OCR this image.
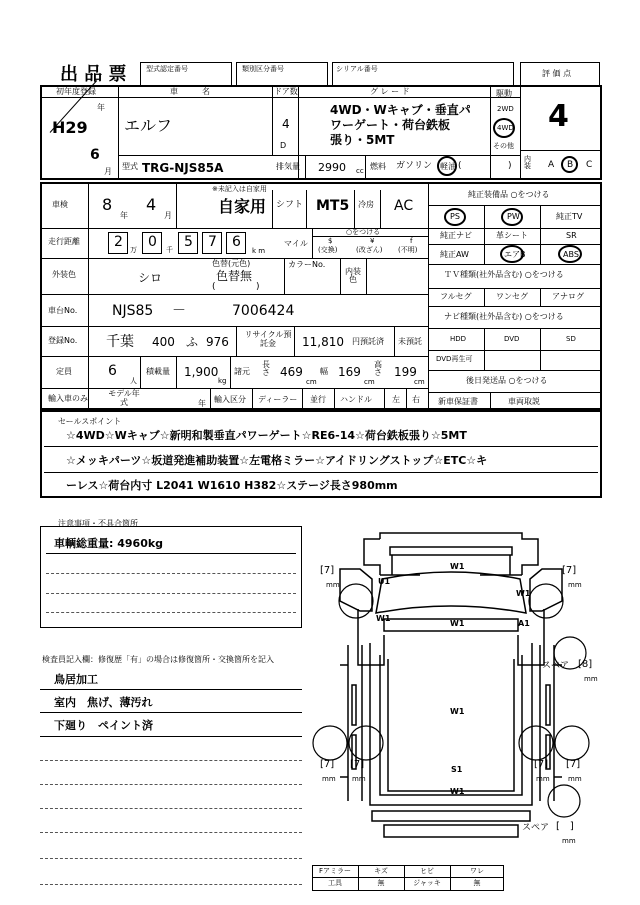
出 品 票	型式認定番号	類別区分番号	シリアル番号	評 価 点
初年度登録	車　　　名	ドア数	グ レ ー ド	駆動
H29
年
6
月
エルフ
型式 TRG-NJS85A
4
D
4WD・Wキャブ・垂直パ
ワーゲート・荷台鉄板
張り・5MT
2WD
4WD
その他
4
内装	A B C
排気量 2990 cc 燃料 ガソリン 軽油 (	)
車検 8
年
4
月
※未記入は自家用
自家用 シフト MT5 冷房 AC
走行距離 2 万 0 千 5 7 6
k m
マイル
○をつける
$
(交換)
¥
(改ざん)
f
(不明)
外装色
色替(元色)
シロ	色替無
(	)
カラーNo.
内装色
車台No. NJS85 －	7006424
登録No. 千葉 400 ふ 976
リサイクル預託金	11,810 円預託済 未預託
定員	6
人
積載量 1,900
kg
諸元
長さ 469
cm
幅 169
cm
高さ 199
cm
輸入車のみ
モデル年式	年 輸入区分 ディーラー 並行 ハンドル	左 右
純正装備品 ○をつける
PS	PW	純正TV
純正ナビ	革シート	SR
純正AW	エアB	ABS
ＴＶ種類(社外品含む) ○をつける
フルセグ	ワンセグ	アナログ
ナビ種類(社外品含む) ○をつける
HDD	DVD	SD
DVD再生可
後日発送品 ○をつける
新車保証書	車両取説
セールスポイント
☆4WD☆Wキャブ☆新明和製垂直パワーゲート☆RE6-14☆荷台鉄板張り☆5MT
☆メッキパーツ☆坂道発進補助装置☆左電格ミラー☆アイドリングストップ☆ETC☆キ
ーレス☆荷台内寸 L2041 W1610 H382☆ステージ長さ980mm
注意事項・不具合箇所
車輌総重量: 4960kg
検査員記入欄：修復歴「有」の場合は修復箇所・交換箇所を記入
鳥居加工
室内　焦げ、薄汚れ
下廻り　ペイント済
W1
U1
W1
W1
W1
A1
W1
S1
W1
[7]
mm
[7]
mm
[7]
mm
[7]
mm
[7]
mm
[7]
mm
スペア [8]
mm
スペア [ ]
mm
Fアミラー	キズ	ヒビ	ワレ
工具	無	ジャッキ	無
